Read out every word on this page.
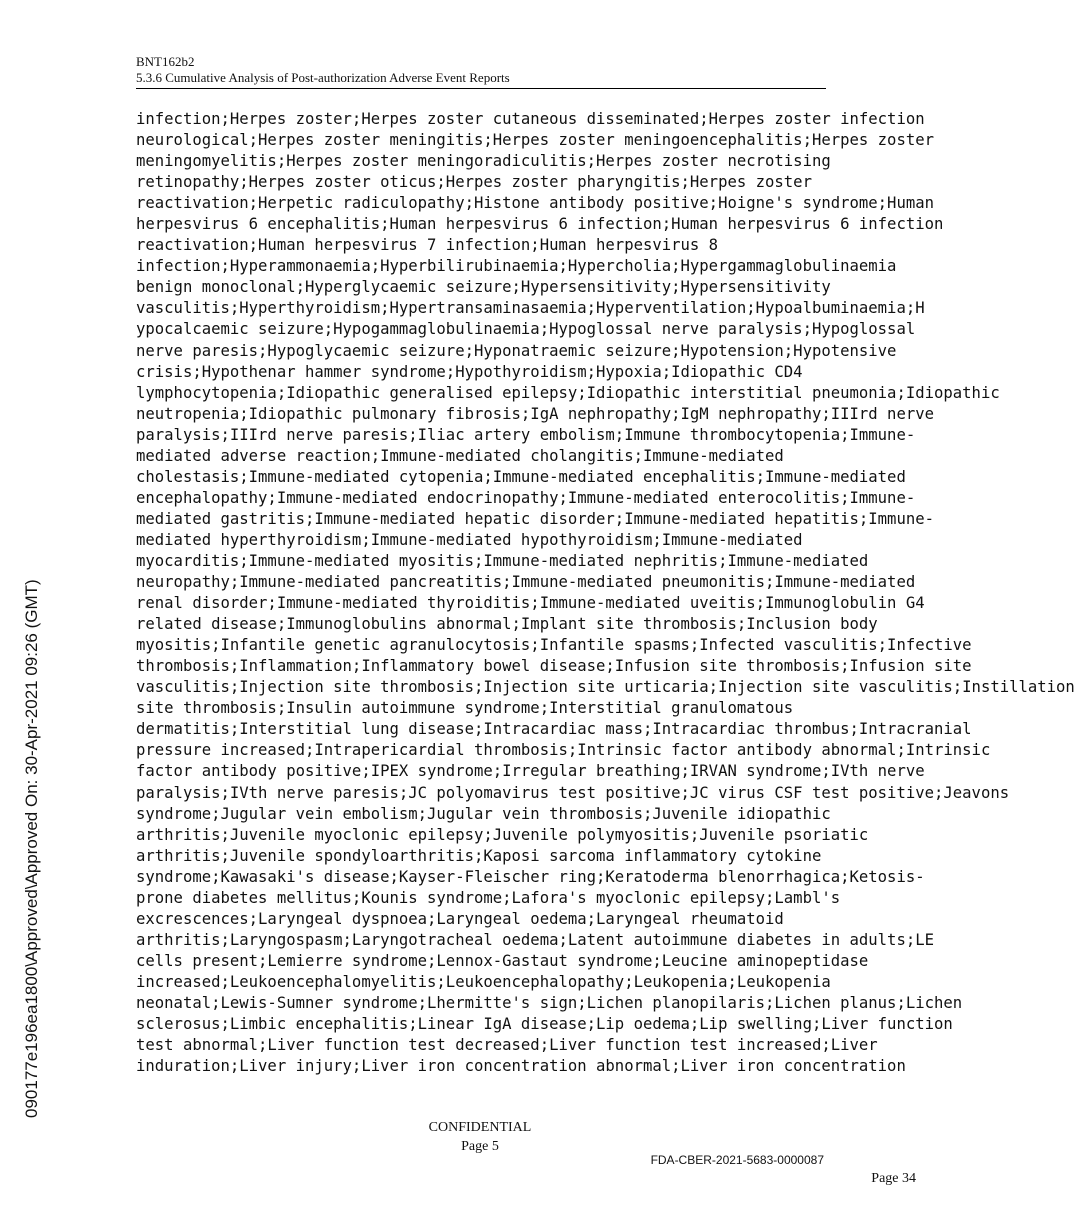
BNT162b2
5.3.6 Cumulative Analysis of Post-authorization Adverse Event Reports
infection;Herpes zoster;Herpes zoster cutaneous disseminated;Herpes zoster infection
neurological;Herpes zoster meningitis;Herpes zoster meningoencephalitis;Herpes zoster
meningomyelitis;Herpes zoster meningoradiculitis;Herpes zoster necrotising
retinopathy;Herpes zoster oticus;Herpes zoster pharyngitis;Herpes zoster
reactivation;Herpetic radiculopathy;Histone antibody positive;Hoigne's syndrome;Human
herpesvirus 6 encephalitis;Human herpesvirus 6 infection;Human herpesvirus 6 infection
reactivation;Human herpesvirus 7 infection;Human herpesvirus 8
infection;Hyperammonaemia;Hyperbilirubinaemia;Hypercholia;Hypergammaglobulinaemia
benign monoclonal;Hyperglycaemic seizure;Hypersensitivity;Hypersensitivity
vasculitis;Hyperthyroidism;Hypertransaminasaemia;Hyperventilation;Hypoalbuminaemia;H
ypocalcaemic seizure;Hypogammaglobulinaemia;Hypoglossal nerve paralysis;Hypoglossal
nerve paresis;Hypoglycaemic seizure;Hyponatraemic seizure;Hypotension;Hypotensive
crisis;Hypothenar hammer syndrome;Hypothyroidism;Hypoxia;Idiopathic CD4
lymphocytopenia;Idiopathic generalised epilepsy;Idiopathic interstitial pneumonia;Idiopathic
neutropenia;Idiopathic pulmonary fibrosis;IgA nephropathy;IgM nephropathy;IIIrd nerve
paralysis;IIIrd nerve paresis;Iliac artery embolism;Immune thrombocytopenia;Immune-
mediated adverse reaction;Immune-mediated cholangitis;Immune-mediated
cholestasis;Immune-mediated cytopenia;Immune-mediated encephalitis;Immune-mediated
encephalopathy;Immune-mediated endocrinopathy;Immune-mediated enterocolitis;Immune-
mediated gastritis;Immune-mediated hepatic disorder;Immune-mediated hepatitis;Immune-
mediated hyperthyroidism;Immune-mediated hypothyroidism;Immune-mediated
myocarditis;Immune-mediated myositis;Immune-mediated nephritis;Immune-mediated
neuropathy;Immune-mediated pancreatitis;Immune-mediated pneumonitis;Immune-mediated
renal disorder;Immune-mediated thyroiditis;Immune-mediated uveitis;Immunoglobulin G4
related disease;Immunoglobulins abnormal;Implant site thrombosis;Inclusion body
myositis;Infantile genetic agranulocytosis;Infantile spasms;Infected vasculitis;Infective
thrombosis;Inflammation;Inflammatory bowel disease;Infusion site thrombosis;Infusion site
vasculitis;Injection site thrombosis;Injection site urticaria;Injection site vasculitis;Instillation
site thrombosis;Insulin autoimmune syndrome;Interstitial granulomatous
dermatitis;Interstitial lung disease;Intracardiac mass;Intracardiac thrombus;Intracranial
pressure increased;Intrapericardial thrombosis;Intrinsic factor antibody abnormal;Intrinsic
factor antibody positive;IPEX syndrome;Irregular breathing;IRVAN syndrome;IVth nerve
paralysis;IVth nerve paresis;JC polyomavirus test positive;JC virus CSF test positive;Jeavons
syndrome;Jugular vein embolism;Jugular vein thrombosis;Juvenile idiopathic
arthritis;Juvenile myoclonic epilepsy;Juvenile polymyositis;Juvenile psoriatic
arthritis;Juvenile spondyloarthritis;Kaposi sarcoma inflammatory cytokine
syndrome;Kawasaki's disease;Kayser-Fleischer ring;Keratoderma blenorrhagica;Ketosis-
prone diabetes mellitus;Kounis syndrome;Lafora's myoclonic epilepsy;Lambl's
excrescences;Laryngeal dyspnoea;Laryngeal oedema;Laryngeal rheumatoid
arthritis;Laryngospasm;Laryngotracheal oedema;Latent autoimmune diabetes in adults;LE
cells present;Lemierre syndrome;Lennox-Gastaut syndrome;Leucine aminopeptidase
increased;Leukoencephalomyelitis;Leukoencephalopathy;Leukopenia;Leukopenia
neonatal;Lewis-Sumner syndrome;Lhermitte's sign;Lichen planopilaris;Lichen planus;Lichen
sclerosus;Limbic encephalitis;Linear IgA disease;Lip oedema;Lip swelling;Liver function
test abnormal;Liver function test decreased;Liver function test increased;Liver
induration;Liver injury;Liver iron concentration abnormal;Liver iron concentration
090177e196ea1800\Approved\Approved On: 30-Apr-2021 09:26 (GMT)
CONFIDENTIAL
Page 5
FDA-CBER-2021-5683-0000087
Page 34
